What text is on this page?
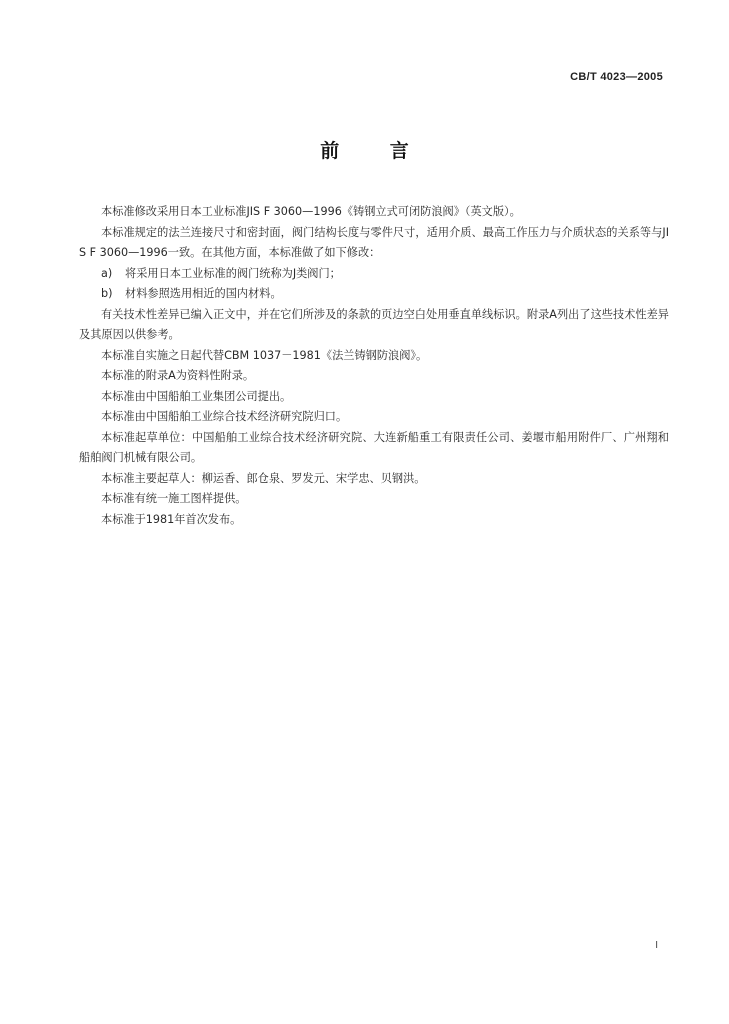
CB/T 4023—2005
前 言

本标准修改采用日本工业标准JIS F 3060—1996《铸钢立式可闭防浪阀》（英文版）。

本标准规定的法兰连接尺寸和密封面，阀门结构长度与零件尺寸，适用介质、最高工作压力与介质状态的关系等与JIS F 3060—1996一致。在其他方面，本标准做了如下修改：

a) 将采用日本工业标准的阀门统称为J类阀门；

b) 材料参照选用相近的国内材料。

有关技术性差异已编入正文中，并在它们所涉及的条款的页边空白处用垂直单线标识。附录A列出了这些技术性差异及其原因以供参考。

本标准自实施之日起代替CBM 1037－1981《法兰铸钢防浪阀》。

本标准的附录A为资料性附录。

本标准由中国船舶工业集团公司提出。

本标准由中国船舶工业综合技术经济研究院归口。

本标准起草单位：中国船舶工业综合技术经济研究院、大连新船重工有限责任公司、姜堰市船用附件厂、广州翔和船舶阀门机械有限公司。

本标准主要起草人：柳运香、郎仓泉、罗发元、宋学忠、贝钢洪。

本标准有统一施工图样提供。

本标准于1981年首次发布。

I
